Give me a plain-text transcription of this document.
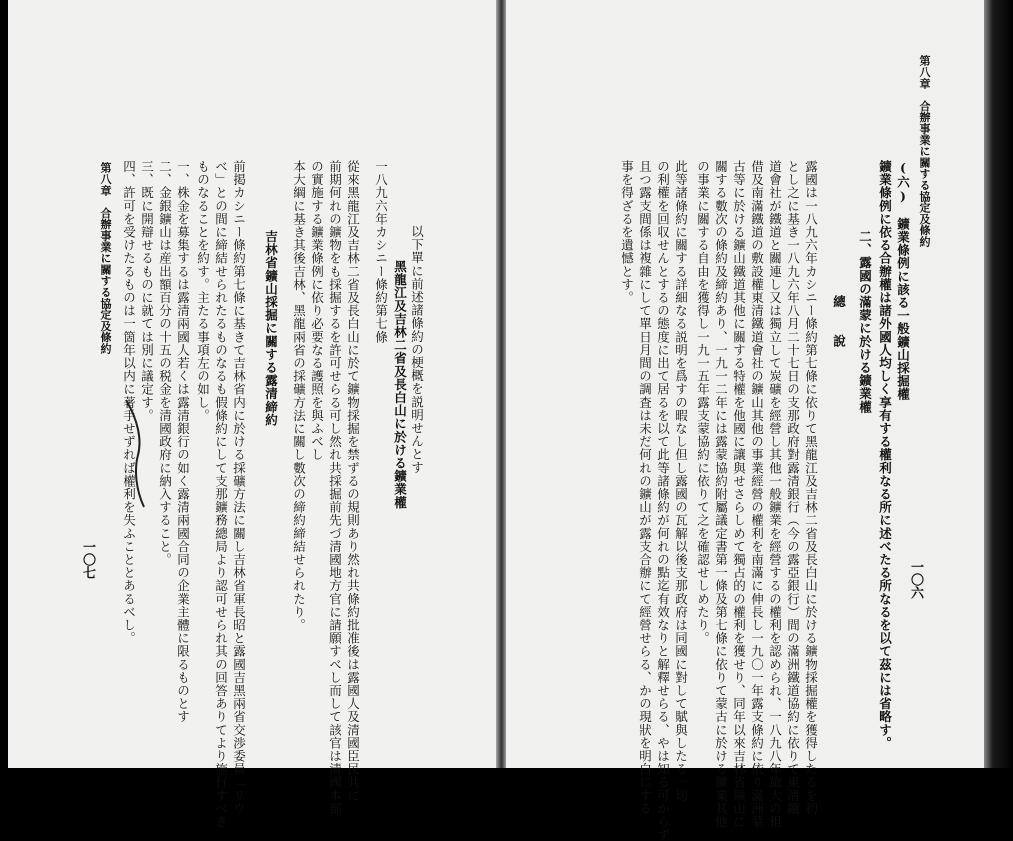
第八章　合辦事業に關する協定及條約
一〇七
以下單に前述諸條約の梗概を説明せんとす
黑龍江及吉林二省及長白山に於ける鑛業權
一八九六年カシニー條約第七條
從來黑龍江及吉林二省及長白山に於て鑛物採掘を禁ずるの規則あり然れ共條約批准後は露國人及清國臣民共に
前期何れの鑛物をも採掘するを許可せらる可し然れ共採掘前先づ清國地方官に請願すべし而して該官は清國本部
の實施する鑛業條例に依り必要なる護照を與ふべし
本大綱に基き其後吉林、黑龍兩省の採礦方法に關し數次の締約締結せられたり。
吉林省鑛山採掘に關する露清締約
前掲カシニー條約第七條に基きて吉林省内に於ける採礦方法に關し吉林省軍長昭と露國吉黑兩省交渉委員「リウ
ベ」との間に締結せられたるものなるも假條約にして支那鑛務總局より認可せられ其の回答ありてより施行すべき
ものなることを約す。主たる事項左の如し。
一、株金を募集するは露清兩國人若くは露清銀行の如く露清兩國合同の企業主體に限るものとす
二、金銀鑛山は産出額百分の十五の税金を清國政府に納入すること。
三、既に開辯せるものに就ては別に議定す。
四、許可を受けたるものは一箇年以内に著手せずれば權利を失ふこととあるべし。	一〇六
第八章　合辦事業に關する協定及條約
(六)　鑛業條例に該る一般鑛山採掘權
鑛業條例に依る合辦權は諸外國人均しく享有する權利なる所に述べたる所なるを以て茲には省略す。
二、露國の滿蒙に於ける鑛業權
總　　說
露國は一八九六年カシニー條約第七條に依りて黑龍江及吉林二省及長白山に於ける鑛物採掘權を獲得したるを初
とし之に基き一八九六年八月二十七日の支那政府對露清銀行（今の露亞銀行）間の滿洲鐵道協約に依りて東清鐵
道會社が鐵道と關連し又は獨立して炭礦を經營し其他一般鑛業を經營するの權利を認められ、一八九八年旅大の租
借及南滿鐵道の敷設權東清鐵道會社の鑛山其他の事業經營の權利を南滿に伸長し一九〇一年露支條約に依り滿洲蒙
古等に於ける鑛山鐵道其他に關する特權を他國に讓與せさらしめて獨占的の權利を獲せり、同年以來吉林省鑛山に
關する數次の條約及締約あり、一九一二年には露蒙協約附屬議定書第一條及第七條に依りて蒙古に於ける鑛業其他
の事業に關する自由を獲得し一九一五年露支蒙協約に依りて之を確認せしめたり。
此等諸條約に關する詳細なる説明を爲すの暇なし但し露國の瓦解以後支那政府は同國に對して賦與したる一切
の利權を回収せんとするの態度に出て居るを以て此等諸條約が何れの點迄有效なりと解釋せらる、やは知る可からず
且つ露支間係は複雜にして單日月間の調査は未だ何れの鑛山が露支合辦にて經營せらる、かの現狀を明白にする
事を得ざるを遺憾とす。
